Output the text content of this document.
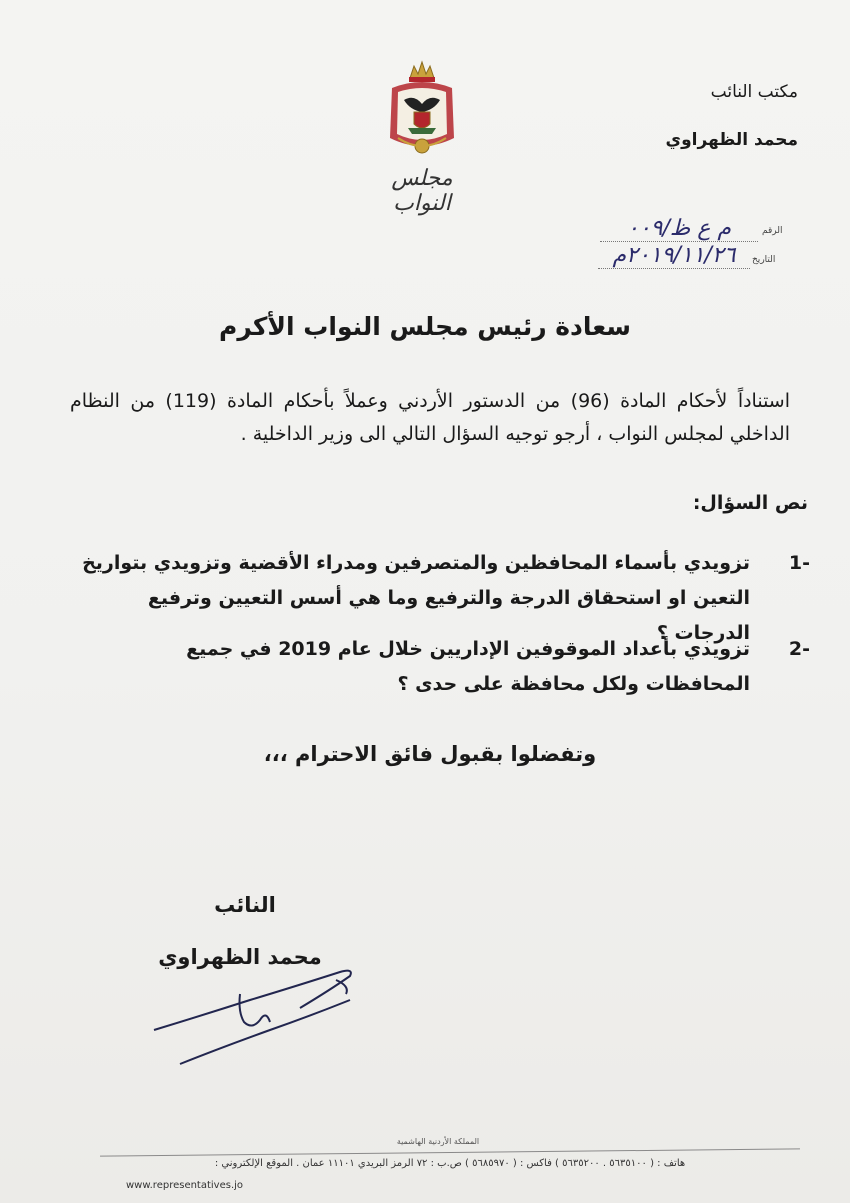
مكتب النائب
محمد الظهراوي
مجلس النواب
الرقم
م ع ظ/٠٠٩
التاريخ
٢٠١٩/١١/٢٦م
سعادة رئيس مجلس النواب الأكرم
استناداً لأحكام المادة (96) من الدستور الأردني وعملاً بأحكام المادة (119) من النظام الداخلي لمجلس النواب ، أرجو توجيه السؤال التالي الى وزير الداخلية .
نص السؤال:
-1
تزويدي بأسماء المحافظين والمتصرفين ومدراء الأقضية وتزويدي بتواريخ التعين او استحقاق الدرجة والترفيع وما هي أسس التعيين وترفيع الدرجات ؟
-2
تزويدي بأعداد الموقوفين الإداريين خلال عام 2019 في جميع المحافظات ولكل محافظة على حدى ؟
وتفضلوا بقبول فائق الاحترام ،،،
النائب
محمد الظهراوي
المملكة الأردنية الهاشمية
هاتف : ( ٥٦٣٥١٠٠ . ٥٦٣٥٢٠٠ ) فاكس : ( ٥٦٨٥٩٧٠ ) ص.ب : ٧٢ الرمز البريدي ١١١٠١ عمان . الموقع الإلكتروني :
www.representatives.jo
